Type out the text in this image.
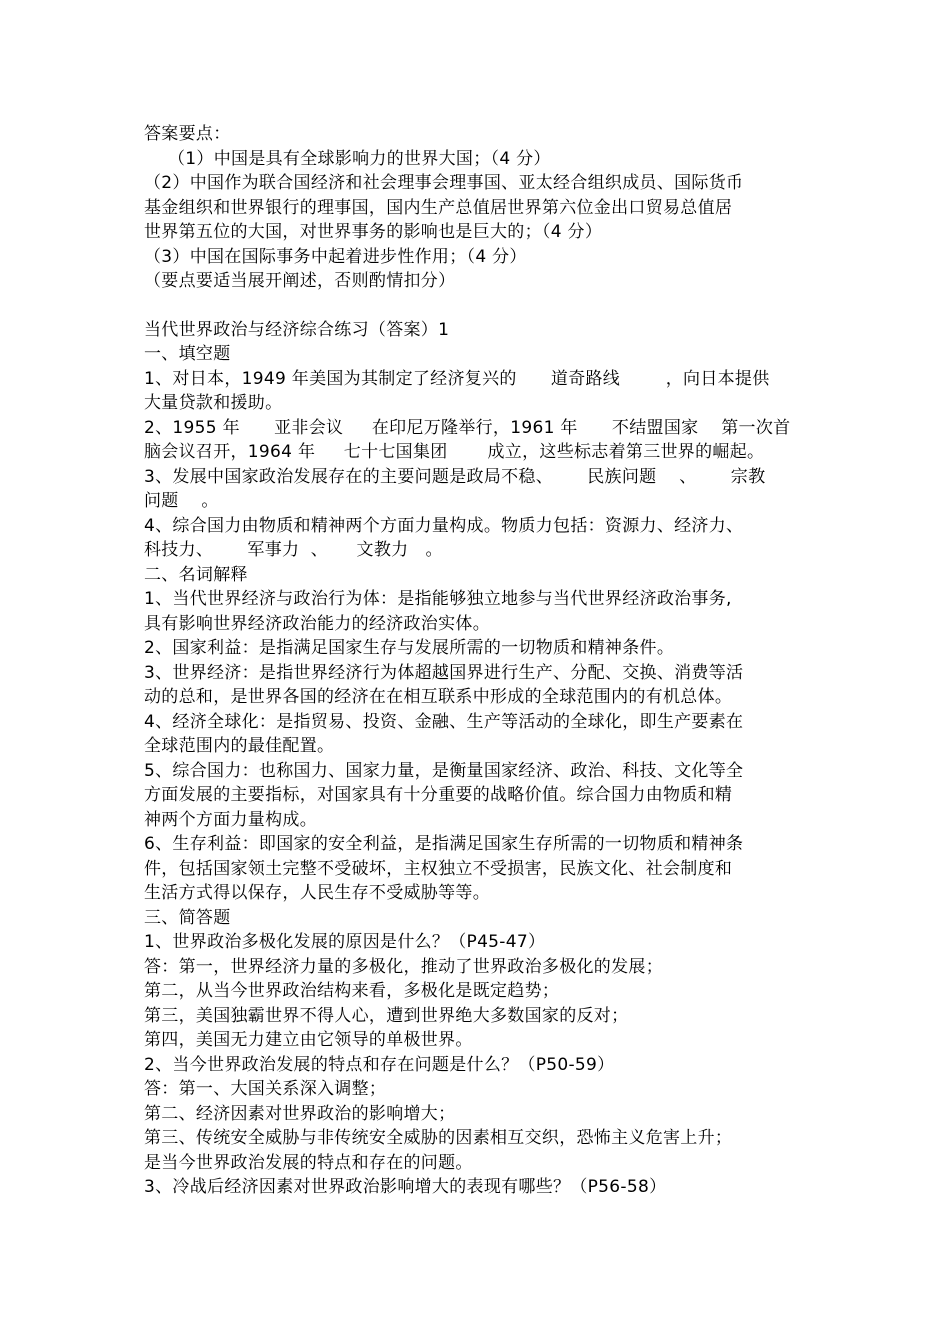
答案要点：
（1）中国是具有全球影响力的世界大国；（4 分）
（2）中国作为联合国经济和社会理事会理事国、亚太经合组织成员、国际货币
基金组织和世界银行的理事国，国内生产总值居世界第六位金出口贸易总值居
世界第五位的大国，对世界事务的影响也是巨大的；（4 分）
（3）中国在国际事务中起着进步性作用；（4 分）
（要点要适当展开阐述，否则酌情扣分）
当代世界政治与经济综合练习（答案）1
一、填空题
1、对日本，1949 年美国为其制定了经济复兴的      道奇路线        ，向日本提供
大量贷款和援助。
2、1955 年      亚非会议     在印尼万隆举行，1961 年      不结盟国家    第一次首
脑会议召开，1964 年     七十七国集团       成立，这些标志着第三世界的崛起。
3、发展中国家政治发展存在的主要问题是政局不稳、      民族问题    、      宗教
问题    。
4、综合国力由物质和精神两个方面力量构成。物质力包括：资源力、经济力、
科技力、      军事力  、     文教力   。
二、名词解释
1、当代世界经济与政治行为体：是指能够独立地参与当代世界经济政治事务,
具有影响世界经济政治能力的经济政治实体。
2、国家利益：是指满足国家生存与发展所需的一切物质和精神条件。
3、世界经济：是指世界经济行为体超越国界进行生产、分配、交换、消费等活
动的总和，是世界各国的经济在在相互联系中形成的全球范围内的有机总体。
4、经济全球化：是指贸易、投资、金融、生产等活动的全球化，即生产要素在
全球范围内的最佳配置。
5、综合国力：也称国力、国家力量，是衡量国家经济、政治、科技、文化等全
方面发展的主要指标，对国家具有十分重要的战略价值。综合国力由物质和精
神两个方面力量构成。
6、生存利益：即国家的安全利益，是指满足国家生存所需的一切物质和精神条
件，包括国家领土完整不受破坏，主权独立不受损害，民族文化、社会制度和
生活方式得以保存，人民生存不受威胁等等。
三、简答题
1、世界政治多极化发展的原因是什么？（P45-47）
答：第一，世界经济力量的多极化，推动了世界政治多极化的发展；
第二，从当今世界政治结构来看，多极化是既定趋势；
第三，美国独霸世界不得人心，遭到世界绝大多数国家的反对；
第四，美国无力建立由它领导的单极世界。
2、当今世界政治发展的特点和存在问题是什么？（P50-59）
答：第一、大国关系深入调整；
第二、经济因素对世界政治的影响增大；
第三、传统安全威胁与非传统安全威胁的因素相互交织，恐怖主义危害上升；
是当今世界政治发展的特点和存在的问题。
3、冷战后经济因素对世界政治影响增大的表现有哪些？（P56-58）
